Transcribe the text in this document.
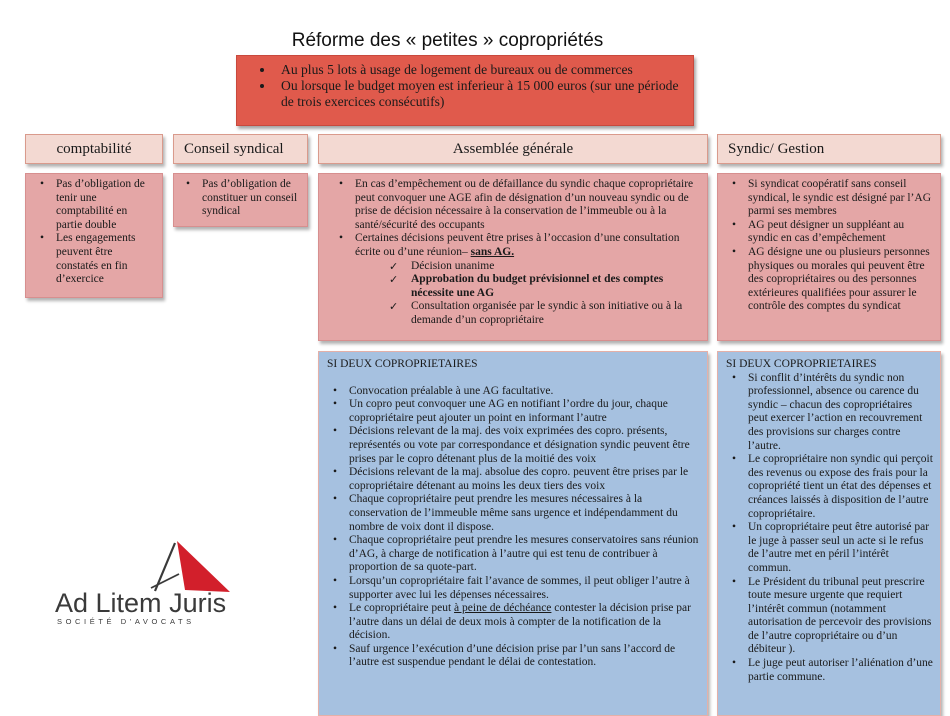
Réforme des « petites » copropriétés
• Au plus 5 lots à usage de logement de bureaux ou de commerces
• Ou lorsque le budget moyen est inferieur à 15 000 euros (sur une période de trois exercices consécutifs)
comptabilité	Conseil syndical	Assemblée générale	Syndic/ Gestion
• Pas d’obligation de tenir une comptabilité en partie double
• Les engagements peuvent être constatés en fin d’exercice
• Pas d’obligation de constituer un conseil syndical
• En cas d’empêchement ou de défaillance du syndic chaque copropriétaire peut convoquer une AGE afin de désignation d’un nouveau syndic ou de prise de décision nécessaire à la conservation de l’immeuble ou à la santé/sécurité des occupants
• Certaines décisions peuvent être prises à l’occasion d’une consultation écrite ou d’une réunion– sans AG.
✓ Décision unanime
✓ Approbation du budget prévisionnel et des comptes nécessite une AG
✓ Consultation organisée par le syndic à son initiative ou à la demande d’un copropriétaire
• Si syndicat coopératif sans conseil syndical, le syndic est désigné par l’AG parmi ses membres
• AG peut désigner un suppléant au syndic en cas d’empêchement
• AG désigne une ou plusieurs personnes physiques ou morales qui peuvent être des copropriétaires ou des personnes extérieures qualifiées pour assurer le contrôle des comptes du syndicat
SI DEUX COPROPRIETAIRES
• Convocation préalable à une AG facultative.
• Un copro peut convoquer une AG en notifiant l’ordre du jour, chaque copropriétaire peut ajouter un point en informant l’autre
• Décisions relevant de la maj. des voix exprimées des copro. présents, représentés ou vote par correspondance et désignation syndic peuvent être prises par le copro détenant plus de la moitié des voix
• Décisions relevant de la maj. absolue des copro. peuvent être prises par le copropriétaire détenant au moins les deux tiers des voix
• Chaque copropriétaire peut prendre les mesures nécessaires à la conservation de l’immeuble même sans urgence et indépendamment du nombre de voix dont il dispose.
• Chaque copropriétaire peut prendre les mesures conservatoires sans réunion d’AG, à charge de notification à l’autre qui est tenu de contribuer à proportion de sa quote-part.
• Lorsqu’un copropriétaire fait l’avance de sommes, il peut obliger l’autre à supporter avec lui les dépenses nécessaires.
• Le copropriétaire peut à peine de déchéance contester la décision prise par l’autre dans un délai de deux mois à compter de la notification de la décision.
• Sauf urgence l’exécution d’une décision prise par l’un sans l’accord de l’autre est suspendue pendant le délai de contestation.
SI DEUX COPROPRIETAIRES
• Si conflit d’intérêts du syndic non professionnel, absence ou carence du syndic – chacun des copropriétaires peut exercer l’action en recouvrement des provisions sur charges contre l’autre.
• Le copropriétaire non syndic qui perçoit des revenus ou expose des frais pour la copropriété tient un état des dépenses et créances laissés à disposition de l’autre copropriétaire.
• Un copropriétaire peut être autorisé par le juge à passer seul un acte si le refus de l’autre met en péril l’intérêt commun.
• Le Président du tribunal peut prescrire toute mesure urgente que requiert l’intérêt commun (notamment autorisation de percevoir des provisions de l’autre copropriétaire ou d’un débiteur ).
• Le juge peut autoriser l’aliénation d’une partie commune.
Ad Litem Juris
SOCIÉTÉ D'AVOCATS
